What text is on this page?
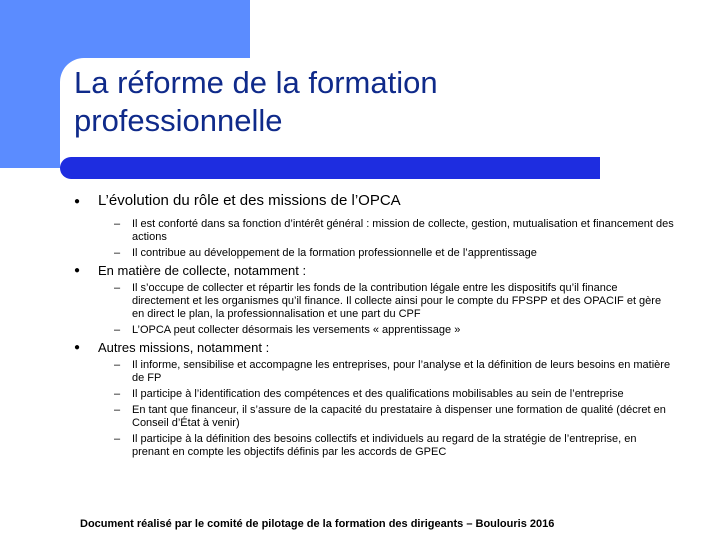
La réforme de la formation
professionnelle
● L’évolution du rôle et des missions de l’OPCA
– Il est conforté dans sa fonction d’intérêt général : mission de collecte, gestion, mutualisation et financement des actions
– Il contribue au développement de la formation professionnelle et de l’apprentissage
● En matière de collecte, notamment :
– Il s’occupe de collecter et répartir les fonds de la contribution légale entre les dispositifs qu’il finance directement et les organismes qu’il finance. Il collecte ainsi pour le compte du FPSPP et des OPACIF et gère en direct le plan, la professionnalisation et une part du CPF
– L’OPCA peut collecter désormais les versements « apprentissage »
● Autres missions, notamment :
– Il informe, sensibilise et accompagne les entreprises, pour l’analyse et la définition de leurs besoins en matière de FP
– Il participe à l’identification des compétences et des qualifications mobilisables au sein de l’entreprise
– En tant que financeur, il s’assure de la capacité du prestataire à dispenser une formation de qualité (décret en Conseil d’État à venir)
– Il participe à la définition des besoins collectifs et individuels au regard de la stratégie de l’entreprise, en prenant en compte les objectifs définis par les accords de GPEC
Document réalisé par le comité de pilotage de la formation des dirigeants – Boulouris 2016
